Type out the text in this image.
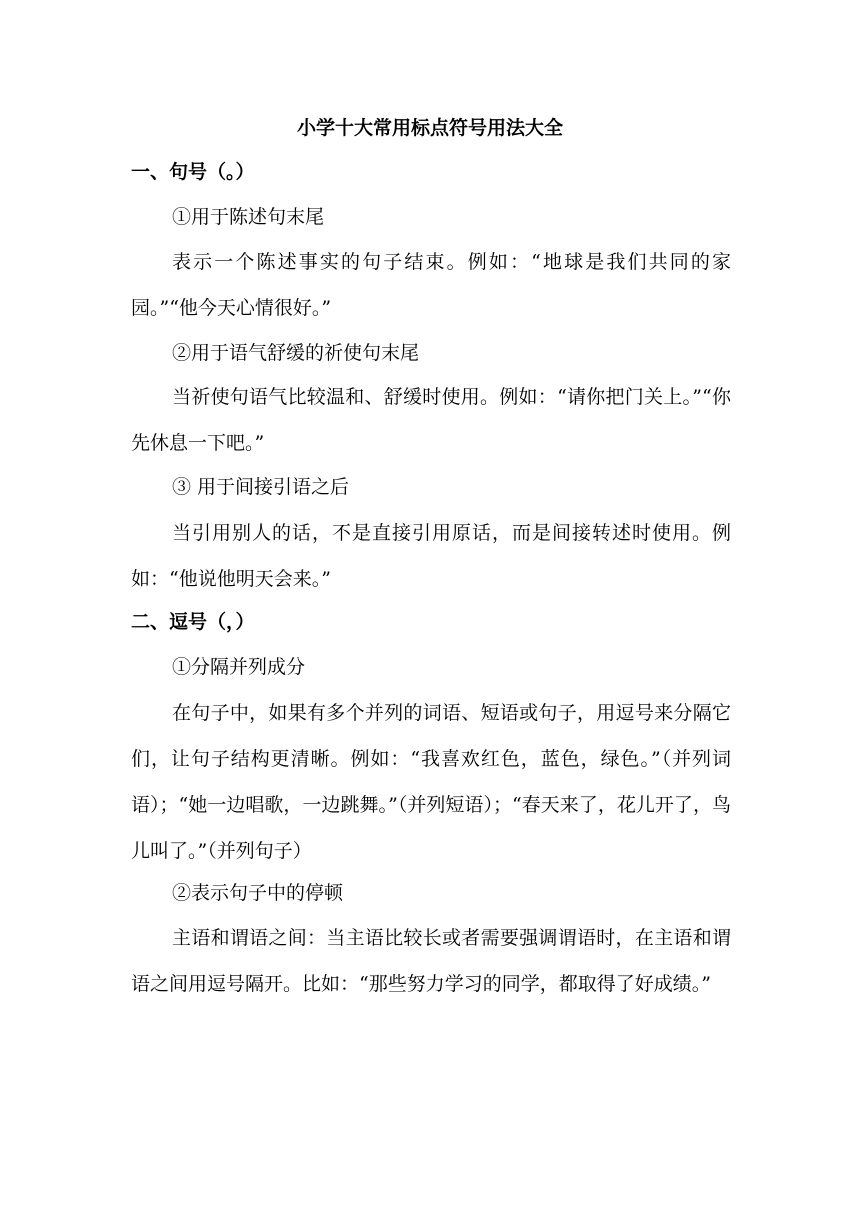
小学十大常用标点符号用法大全
一、句号（。）
①用于陈述句末尾
表示一个陈述事实的句子结束。例如：“地球是我们共同的家园。”“他今天心情很好。”
②用于语气舒缓的祈使句末尾
当祈使句语气比较温和、舒缓时使用。例如：“请你把门关上。”“你先休息一下吧。”
③ 用于间接引语之后
当引用别人的话，不是直接引用原话，而是间接转述时使用。例如：“他说他明天会来。”
二、逗号（，）
①分隔并列成分
在句子中，如果有多个并列的词语、短语或句子，用逗号来分隔它们，让句子结构更清晰。例如：“我喜欢红色，蓝色，绿色。”（并列词语）；“她一边唱歌，一边跳舞。”（并列短语）；“春天来了，花儿开了，鸟儿叫了。”（并列句子）
②表示句子中的停顿
主语和谓语之间：当主语比较长或者需要强调谓语时，在主语和谓语之间用逗号隔开。比如：“那些努力学习的同学，都取得了好成绩。”
